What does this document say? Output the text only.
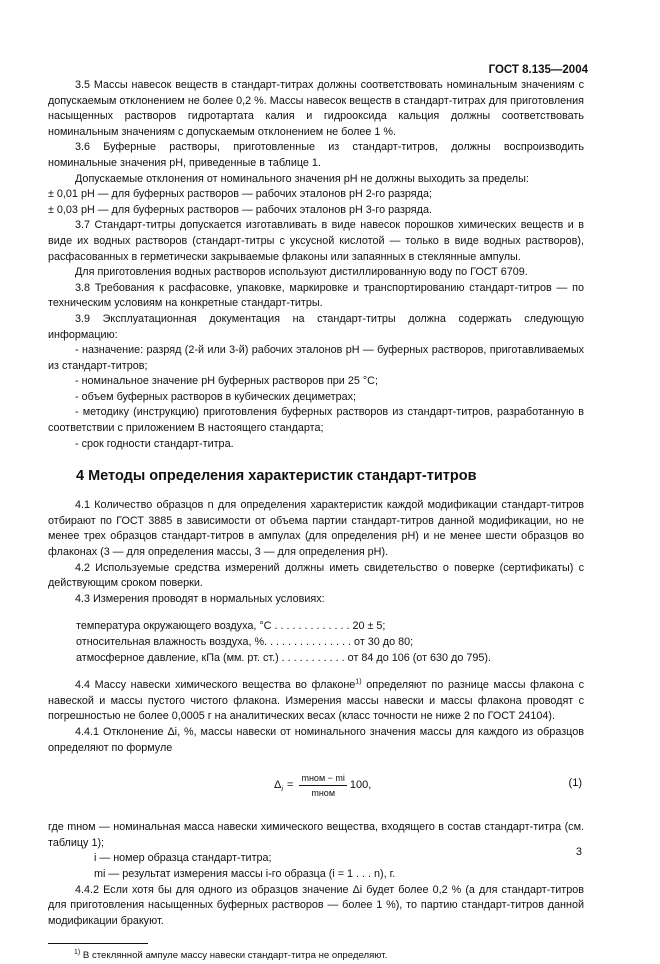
ГОСТ 8.135—2004

3.5 Массы навесок веществ в стандарт-титрах должны соответствовать номинальным значениям с допускаемым отклонением не более 0,2 %. Массы навесок веществ в стандарт-титрах для приготовления насыщенных растворов гидротартата калия и гидрооксида кальция должны соответствовать номинальным значениям с допускаемым отклонением не более 1 %.

3.6 Буферные растворы, приготовленные из стандарт-титров, должны воспроизводить номинальные значения pH, приведенные в таблице 1.

Допускаемые отклонения от номинального значения pH не должны выходить за пределы:

± 0,01 pH — для буферных растворов — рабочих эталонов pH 2-го разряда;

± 0,03 pH — для буферных растворов — рабочих эталонов pH 3-го разряда.

3.7 Стандарт-титры допускается изготавливать в виде навесок порошков химических веществ и в виде их водных растворов (стандарт-титры с уксусной кислотой — только в виде водных растворов), расфасованных в герметически закрываемые флаконы или запаянных в стеклянные ампулы.

Для приготовления водных растворов используют дистиллированную воду по ГОСТ 6709.

3.8 Требования к расфасовке, упаковке, маркировке и транспортированию стандарт-титров — по техническим условиям на конкретные стандарт-титры.

3.9 Эксплуатационная документация на стандарт-титры должна содержать следующую информацию:

- назначение: разряд (2-й или 3-й) рабочих эталонов pH — буферных растворов, приготавливаемых из стандарт-титров;

- номинальное значение pH буферных растворов при 25 °C;

- объем буферных растворов в кубических дециметрах;

- методику (инструкцию) приготовления буферных растворов из стандарт-титров, разработанную в соответствии с приложением В настоящего стандарта;

- срок годности стандарт-титра.

4 Методы определения характеристик стандарт-титров

4.1 Количество образцов n для определения характеристик каждой модификации стандарт-титров отбирают по ГОСТ 3885 в зависимости от объема партии стандарт-титров данной модификации, но не менее трех образцов стандарт-титров в ампулах (для определения pH) и не менее шести образцов во флаконах (3 — для определения массы, 3 — для определения pH).

4.2 Используемые средства измерений должны иметь свидетельство о поверке (сертификаты) с действующим сроком поверки.

4.3 Измерения проводят в нормальных условиях:

температура окружающего воздуха, °C . . . . . . . . . . . . . 20 ± 5;
относительная влажность воздуха, %. . . . . . . . . . . . . . . от 30 до 80;
атмосферное давление, кПа (мм. рт. ст.) . . . . . . . . . . . от 84 до 106 (от 630 до 795).

4.4 Массу навески химического вещества во флаконе$^{1)}$ определяют по разнице массы флакона с навеской и массы пустого чистого флакона. Измерения массы навески и массы флакона проводят с погрешностью не более 0,0005 г на аналитических весах (класс точности не ниже 2 по ГОСТ 24104).

4.4.1 Отклонение Δi, %, массы навески от номинального значения массы для каждого из образцов определяют по формуле

$\Delta_i = \frac{\text{mном − mi}}{\text{mном}} 100$,	(1)

где mном — номинальная масса навески химического вещества, входящего в состав стандарт-титра (см. таблицу 1);

i — номер образца стандарт-титра;

mi — результат измерения массы i-го образца (i = 1 . . . n), г.

4.4.2 Если хотя бы для одного из образцов значение Δi будет более 0,2 % (а для стандарт-титров для приготовления насыщенных буферных растворов — более 1 %), то партию стандарт-титров данной модификации бракуют.

$^{1)}$ В стеклянной ампуле массу навески стандарт-титра не определяют.
3
